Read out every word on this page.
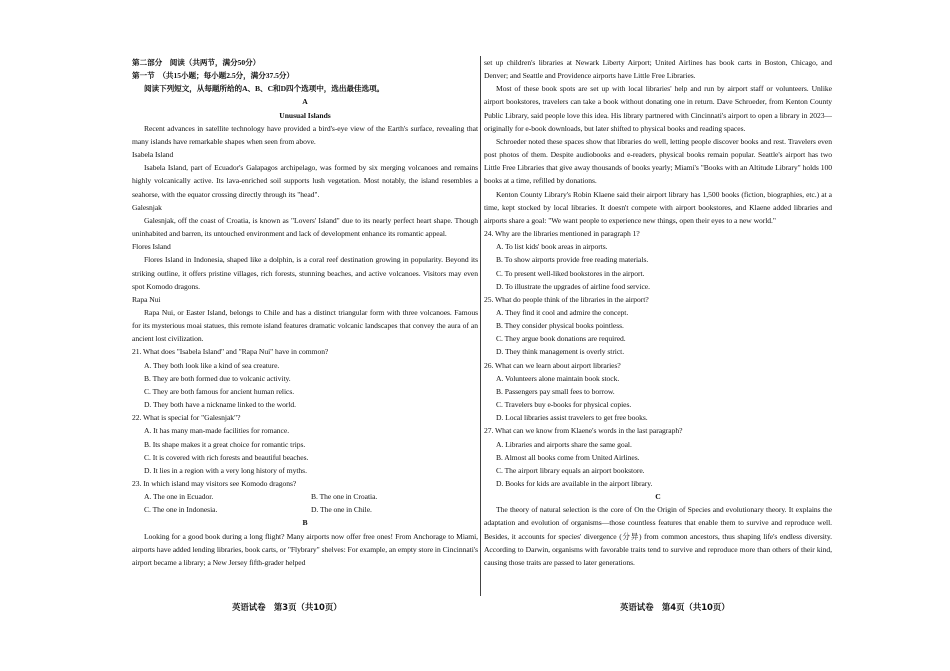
第二部分　阅读（共两节，满分50分）
第一节　（共15小题；每小题2.5分，满分37.5分）
阅读下列短文，从每题所给的A、B、C和D四个选项中，选出最佳选项。
A
Unusual Islands

Recent advances in satellite technology have provided a bird's-eye view of the Earth's surface, revealing that many islands have remarkable shapes when seen from above.

Isabela Island

Isabela Island, part of Ecuador's Galapagos archipelago, was formed by six merging volcanoes and remains highly volcanically active. Its lava-enriched soil supports lush vegetation. Most notably, the island resembles a seahorse, with the equator crossing directly through its "head".

Galesnjak

Galesnjak, off the coast of Croatia, is known as "Lovers' Island" due to its nearly perfect heart shape. Though uninhabited and barren, its untouched environment and lack of development enhance its romantic appeal.

Flores Island

Flores Island in Indonesia, shaped like a dolphin, is a coral reef destination growing in popularity. Beyond its striking outline, it offers pristine villages, rich forests, stunning beaches, and active volcanoes. Visitors may even spot Komodo dragons.

Rapa Nui

Rapa Nui, or Easter Island, belongs to Chile and has a distinct triangular form with three volcanoes. Famous for its mysterious moai statues, this remote island features dramatic volcanic landscapes that convey the aura of an ancient lost civilization.

21. What does "Isabela Island" and "Rapa Nui" have in common?
A. They both look like a kind of sea creature.
B. They are both formed due to volcanic activity.
C. They are both famous for ancient human relics.
D. They both have a nickname linked to the world.
22. What is special for "Galesnjak"?
A. It has many man-made facilities for romance.
B. Its shape makes it a great choice for romantic trips.
C. It is covered with rich forests and beautiful beaches.
D. It lies in a region with a very long history of myths.
23. In which island may visitors see Komodo dragons?
A. The one in Ecuador.	B. The one in Croatia.
C. The one in Indonesia.	D. The one in Chile.
B

Looking for a good book during a long flight? Many airports now offer free ones! From Anchorage to Miami, airports have added lending libraries, book carts, or "Flybrary" shelves: For example, an empty store in Cincinnati's airport became a library; a New Jersey fifth-grader helped

set up children's libraries at Newark Liberty Airport; United Airlines has book carts in Boston, Chicago, and Denver; and Seattle and Providence airports have Little Free Libraries.

Most of these book spots are set up with local libraries' help and run by airport staff or volunteers. Unlike airport bookstores, travelers can take a book without donating one in return. Dave Schroeder, from Kenton County Public Library, said people love this idea. His library partnered with Cincinnati's airport to open a library in 2023—originally for e-book downloads, but later shifted to physical books and reading spaces.

Schroeder noted these spaces show that libraries do well, letting people discover books and rest. Travelers even post photos of them. Despite audiobooks and e-readers, physical books remain popular. Seattle's airport has two Little Free Libraries that give away thousands of books yearly; Miami's "Books with an Altitude Library" holds 100 books at a time, refilled by donations.

Kenton County Library's Robin Klaene said their airport library has 1,500 books (fiction, biographies, etc.) at a time, kept stocked by local libraries. It doesn't compete with airport bookstores, and Klaene added libraries and airports share a goal: "We want people to experience new things, open their eyes to a new world."

24. Why are the libraries mentioned in paragraph 1?
A. To list kids' book areas in airports.
B. To show airports provide free reading materials.
C. To present well-liked bookstores in the airport.
D. To illustrate the upgrades of airline food service.
25. What do people think of the libraries in the airport?
A. They find it cool and admire the concept.
B. They consider physical books pointless.
C. They argue book donations are required.
D. They think management is overly strict.
26. What can we learn about airport libraries?
A. Volunteers alone maintain book stock.
B. Passengers pay small fees to borrow.
C. Travelers buy e-books for physical copies.
D. Local libraries assist travelers to get free books.
27. What can we know from Klaene's words in the last paragraph?
A. Libraries and airports share the same goal.
B. Almost all books come from United Airlines.
C. The airport library equals an airport bookstore.
D. Books for kids are available in the airport library.
C

The theory of natural selection is the core of On the Origin of Species and evolutionary theory. It explains the adaptation and evolution of organisms—those countless features that enable them to survive and reproduce well. Besides, it accounts for species' divergence (分异) from common ancestors, thus shaping life's endless diversity. According to Darwin, organisms with favorable traits tend to survive and reproduce more than others of their kind, causing those traits are passed to later generations.

英语试卷　第3页（共10页）	英语试卷　第4页（共10页）
